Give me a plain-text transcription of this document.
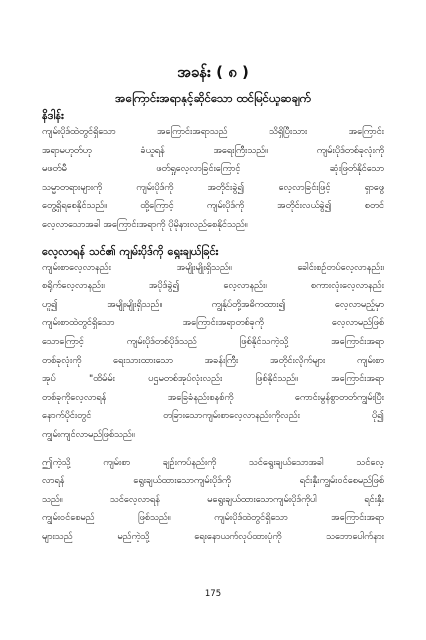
အခန်း ( ၈ )
အကြောင်းအရာနှင့်ဆိုင်သော ထင်မြင်ယူဆချက်
နိဒါန်း
ကျမ်းပိုဒ်ထဲတွင်ရှိသော အကြောင်းအရာသည် သိရှိပြီးသား အကြောင်း
အရာမဟုတ်ဟု ခံယူရန် အရေးကြီးသည်။ ကျမ်းပိုဒ်တစ်ခုလုံးကို
မဖတ်မီ ဖတ်ရှုလေ့လာခြင်းကြောင့် ဆုံးဖြတ်နိုင်သော
သမ္မာတရားများကို ကျမ်းပိုဒ်ကို အတိုင်းခွဲ၍ လေ့လာခြင်းဖြင့် ရှာဖွေ
တွေ့ရှိရစေနိုင်သည်။ ထို့ကြောင့် ကျမ်းပိုဒ်ကို အတိုင်းလယ်ခွဲ၍ စတင်
လေ့လာသောအခါ အကြောင်းအရာကို ပိုမိုနားလည်စေနိုင်သည်။
လေ့လာရန် သင်၏ ကျမ်းပိုဒ်ကို ရွေးချယ်ခြင်း
ကျမ်းစာလေ့လာနည်း အမျိုးမျိုးရှိသည်။ ခေါင်းစဉ်တပ်လေ့လာနည်း၊
စရိုက်လေ့လာနည်း၊ အပိုဒ်ခွဲ၍ လေ့လာနည်း၊ စကားလုံးလေ့လာနည်း
ဟူ၍ အမျိုးမျိုးရှိသည်။ ကျွန်ုပ်တို့အဓိကထား၍ လေ့လာမည့်မှာ
ကျမ်းစာထဲတွင်ရှိသော အကြောင်းအရာတစ်ခုကို လေ့လာမည်ဖြစ်
သောကြောင့် ကျမ်းပိုဒ်တစ်ပိုဒ်သည် ဖြစ်နိုင်သကဲ့သို့ အကြောင်းအရာ
တစ်ခုလုံးကို ရေးသားထားသော အခန်းကြီး အတိုင်းလိုက်များ ကျမ်းစာ
အုပ် "ထိမ်မ်း ပဌမတစ်အုပ်လုံးလည်း ဖြစ်နိုင်သည်။ အကြောင်းအရာ
တစ်ခုကိုလေ့လာရန် အခြေခံနည်းစနစ်ကို ကောင်းမွန်စွာတတ်ကျွမ်းပြီး
နောက်ပိုင်းတွင် တခြားသောကျမ်းစာလေ့လာနည်းကိုလည်း ပို၍
ကျွမ်းကျင်လာမည်ဖြစ်သည်။
ဤကဲ့သို့ ကျမ်းစာ ချဉ်းကပ်နည်းကို သင်ရွေးချယ်သောအခါ သင်လေ့
လာရန် ရွေးချယ်ထားသောကျမ်းပိုဒ်ကို ရင်းနှီးကျွမ်းဝင်စေမည်ဖြစ်
သည်။ သင်လေ့လာရန် မရွေးချယ်ထားသောကျမ်းပိုဒ်ကိုပါ ရင်းနှီး
ကျွမ်းဝင်စေမည် ဖြစ်သည်။ ကျမ်းပိုဒ်ထဲတွင်ရှိသော အကြောင်းအရာ
များသည် မည်ကဲ့သို့ ရေးနောယက်လုပ်ထားပုံကို သဘောပေါက်နား
175
